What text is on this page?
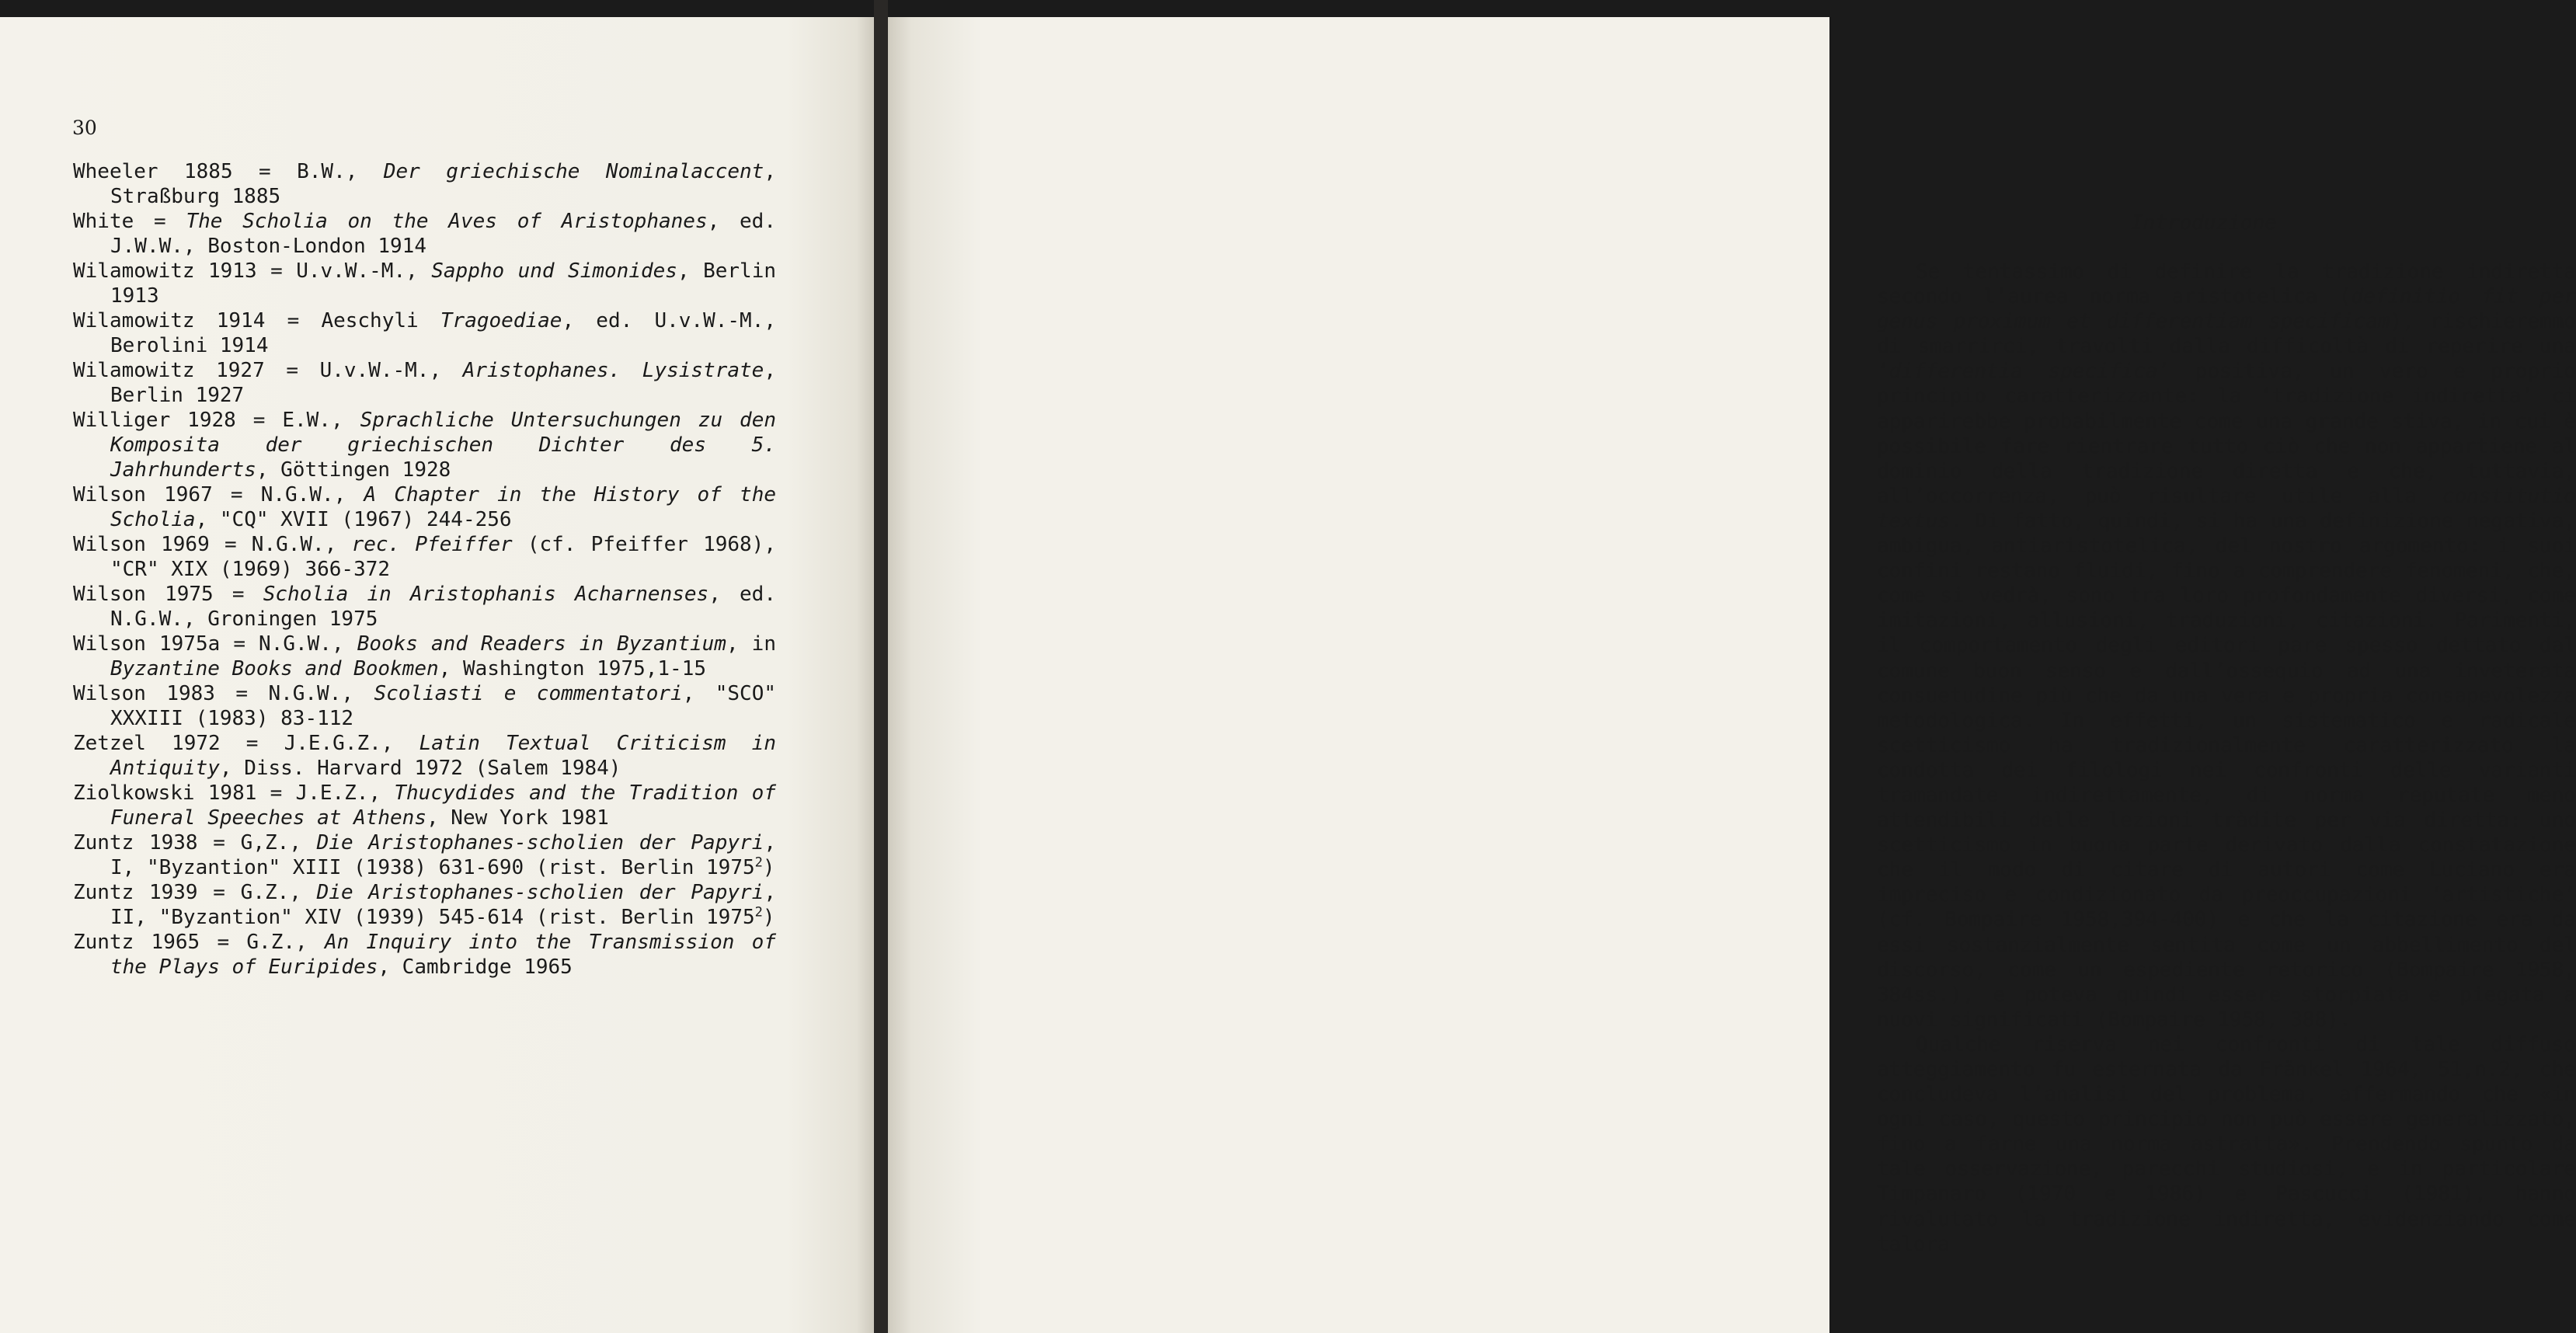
30
Wheeler 1885 = B.W., Der griechische Nominalaccent, Straßburg 1885
White = The Scholia on the Aves of Aristophanes, ed. J.W.W., Boston-London 1914
Wilamowitz 1913 = U.v.W.-M., Sappho und Simonides, Berlin 1913
Wilamowitz 1914 = Aeschyli Tragoediae, ed. U.v.W.-M., Berolini 1914
Wilamowitz 1927 = U.v.W.-M., Aristophanes. Lysistrate, Berlin 1927
Williger 1928 = E.W., Sprachliche Untersuchungen zu den Komposita der griechischen Dichter des 5. Jahrhunderts, Göttingen 1928
Wilson 1967 = N.G.W., A Chapter in the History of the Scholia, "CQ" XVII (1967) 244-256
Wilson 1969 = N.G.W., rec. Pfeiffer (cf. Pfeiffer 1968), "CR" XIX (1969) 366-372
Wilson 1975 = Scholia in Aristophanis Acharnenses, ed. N.G.W., Groningen 1975
Wilson 1975a = N.G.W., Books and Readers in Byzantium, in Byzantine Books and Bookmen, Washington 1975,1-15
Wilson 1983 = N.G.W., Scoliasti e commentatori, "SCO" XXXIII (1983) 83-112
Zetzel 1972 = J.E.G.Z., Latin Textual Criticism in Antiquity, Diss. Harvard 1972 (Salem 1984)
Ziolkowski 1981 = J.E.Z., Thucydides and the Tradition of Funeral Speeches at Athens, New York 1981
Zuntz 1938 = G,Z., Die Aristophanes-scholien der Papyri, I, "Byzantion" XIII (1938) 631-690 (rist. Berlin 1975$^2$)
Zuntz 1939 = G.Z., Die Aristophanes-scholien der Papyri, II, "Byzantion" XIV (1939) 545-614 (rist. Berlin 1975$^2$)
Zuntz 1965 = G.Z., An Inquiry into the Transmission of the Plays of Euripides, Cambridge 1965
Introduzione

Se tentassimo di definire la tradizione indiretta secondo l’aurea norma aristotelica (definitio fit per genus proximum et differentiam specificam), rischieremmo di smarrirci, travolti dalla difficoltà di reperire una ‘differentia specifica’ positiva, un vero e proprio principio caratterizzante: la ‘tradizione indiretta’ ci apparirebbe probabilmente come una grande stiva, in cui è possibile fare rientrare tutto ciò che non appartiene al dominio della tradizione diretta e che, tuttavia, all’occorrenza, può risultare utile alla constitutio textus. Di fatto, quindi, si ha una definizione negativa, ambigua, antiaristotelica, del nostro argomento: i suoi confini restano fluidi, fino a comprendere fenomeni, che, come si vedrà, sono tra loro profondamente diversi, come imitazioni, allusioni, traduzioni, citazioni. Parimenti, il comportamento degli editori pare spesso dettato dal comune buon senso e dall’ossequio ad una inveterata consuetudine più che da una vera e propria consapevolezza metodologica. In effetti, un sistematico e radicale scetticismo ha tradizionalmente caratterizzato la condotta dei filologi nei confronti delle varianti tramandate indirettamente, di norma reputate meno attendibili delle lezioni tràdite per via diretta: uno scetticismo in buona parte derivato dalla constatazione che il modo di citare di autori come Luciano era impreciso e condizionato da preoccupazioni ‘artistiche’ (cf. Bompaire 1958,394-400) e che la citazione era da essi sostanzialmente sentita come un abbellimento del discorso, come un espediente retorico (Bompaire 1958, 384ss.), e poteva quindi essere storpiata e piegata a nuovi significati (Bompaire 1958, 388).

Qualche riserva nei confronti di tale diffuso atteggiamento fu esternata da Fränkel 1964, 51,n.2, che concludeva l’analisi del problema, affermando che «in ogni caso, questo principio non può essere generalizzato, fino a farne una norma astratta». Prendendo spunto da tale osservazione, parecchi studiosi, e in particolare Timpanaro (1970 e 1986) e Pascucci (1981), hanno rivalutato la tradizione indiretta, evidenziando come talora
